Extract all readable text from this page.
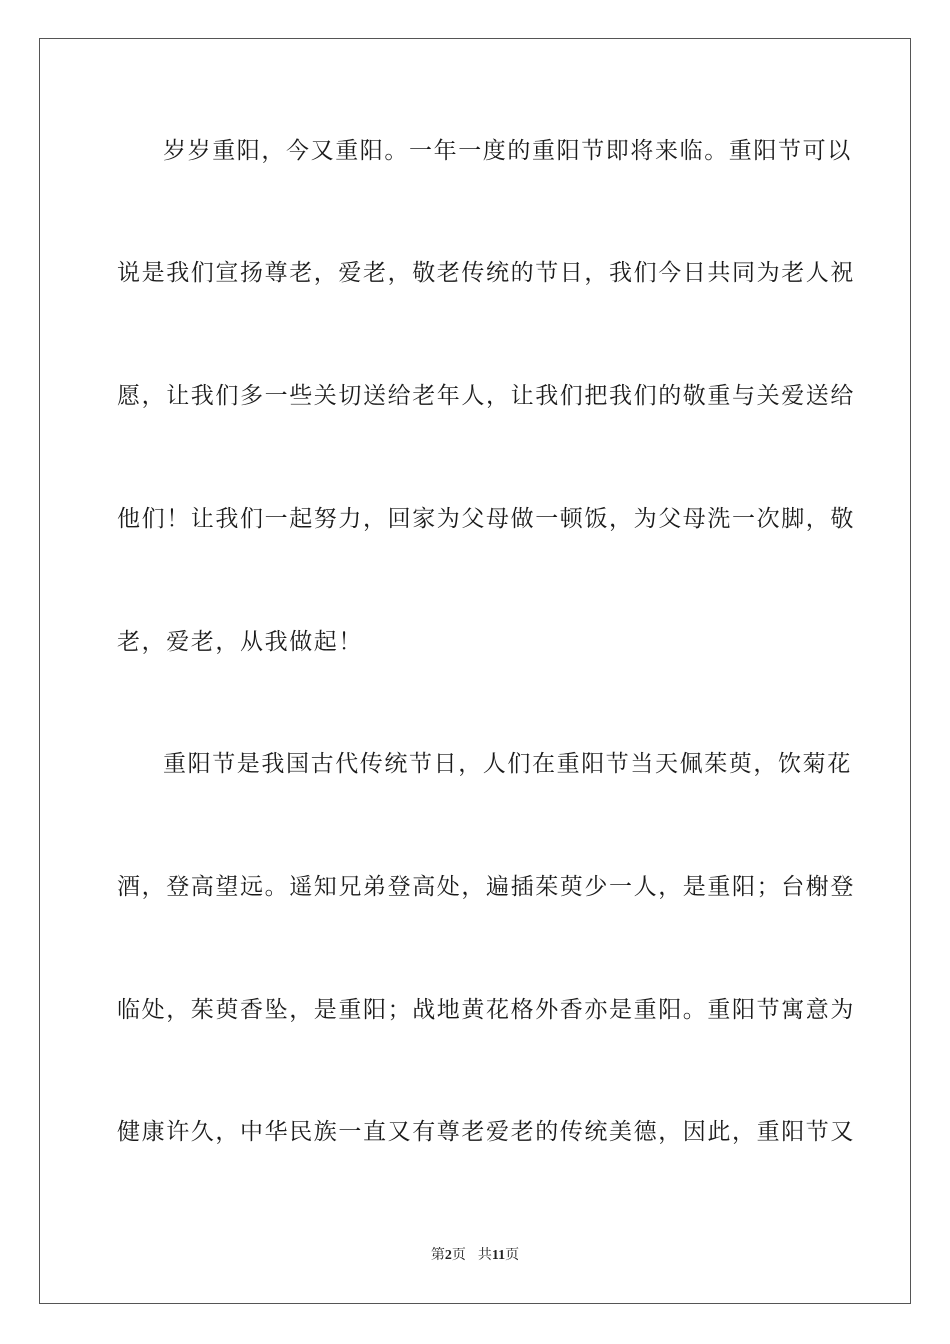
岁岁重阳，今又重阳。一年一度的重阳节即将来临。重阳节可以
说是我们宣扬尊老，爱老，敬老传统的节日，我们今日共同为老人祝
愿，让我们多一些关切送给老年人，让我们把我们的敬重与关爱送给
他们！让我们一起努力，回家为父母做一顿饭，为父母洗一次脚，敬
老，爱老，从我做起！
重阳节是我国古代传统节日，人们在重阳节当天佩茱萸，饮菊花
酒，登高望远。遥知兄弟登高处，遍插茱萸少一人，是重阳；台榭登
临处，茱萸香坠，是重阳；战地黄花格外香亦是重阳。重阳节寓意为
健康许久，中华民族一直又有尊老爱老的传统美德，因此，重阳节又
第2页 共11页
